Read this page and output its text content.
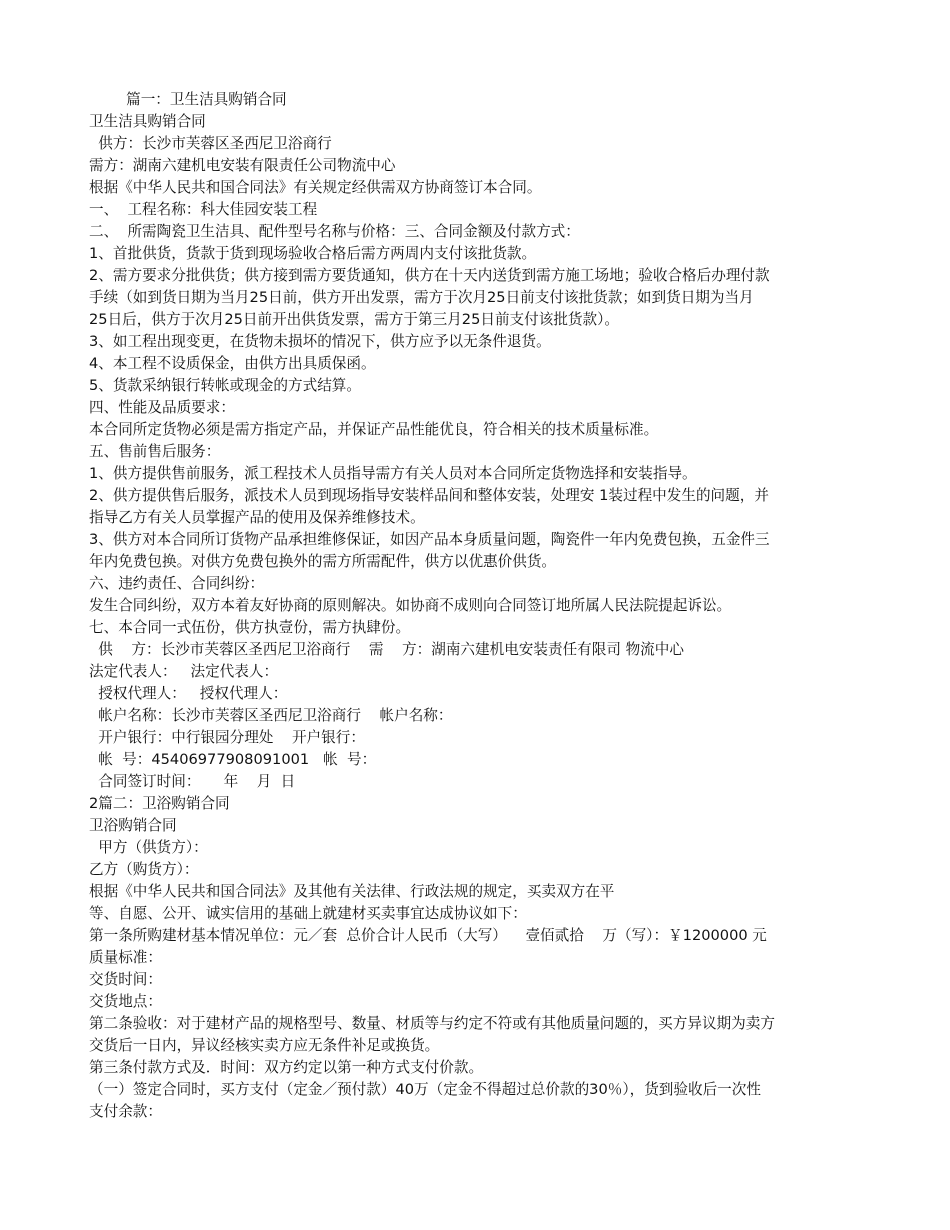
篇一：卫生洁具购销合同
卫生洁具购销合同
供方：长沙市芙蓉区圣西尼卫浴商行
需方：湖南六建机电安装有限责任公司物流中心
根据《中华人民共和国合同法》有关规定经供需双方协商签订本合同。
一、  工程名称：科大佳园安装工程
二、  所需陶瓷卫生洁具、配件型号名称与价格：三、合同金额及付款方式：
1、首批供货，货款于货到现场验收合格后需方两周内支付该批货款。
2、需方要求分批供货；供方接到需方要货通知，供方在十天内送货到需方施工场地；验收合格后办理付款
手续（如到货日期为当月25日前，供方开出发票，需方于次月25日前支付该批货款；如到货日期为当月
25日后，供方于次月25日前开出供货发票，需方于第三月25日前支付该批货款）。
3、如工程出现变更，在货物未损坏的情况下，供方应予以无条件退货。
4、本工程不设质保金，由供方出具质保函。
5、货款采纳银行转帐或现金的方式结算。
四、性能及品质要求：
本合同所定货物必须是需方指定产品，并保证产品性能优良，符合相关的技术质量标准。
五、售前售后服务：
1、供方提供售前服务，派工程技术人员指导需方有关人员对本合同所定货物选择和安装指导。
2、供方提供售后服务，派技术人员到现场指导安装样品间和整体安装，处理安 1装过程中发生的问题，并
指导乙方有关人员掌握产品的使用及保养维修技术。
3、供方对本合同所订货物产品承担维修保证，如因产品本身质量问题，陶瓷件一年内免费包换，五金件三
年内免费包换。对供方免费包换外的需方所需配件，供方以优惠价供货。
六、违约责任、合同纠纷：
发生合同纠纷，双方本着友好协商的原则解决。如协商不成则向合同签订地所属人民法院提起诉讼。
七、本合同一式伍份，供方执壹份，需方执肆份。
供    方：长沙市芙蓉区圣西尼卫浴商行    需    方：湖南六建机电安装责任有限司 物流中心
法定代表人：   法定代表人：
授权代理人：   授权代理人：
帐户名称：长沙市芙蓉区圣西尼卫浴商行    帐户名称：
开户银行：中行银园分理处    开户银行：
帐  号：45406977908091001   帐  号：
合同签订时间：     年    月  日
2篇二：卫浴购销合同
卫浴购销合同
甲方（供货方）：
乙方（购货方）：
根据《中华人民共和国合同法》及其他有关法律、行政法规的规定，买卖双方在平
等、自愿、公开、诚实信用的基础上就建材买卖事宜达成协议如下：
第一条所购建材基本情况单位：元／套  总价合计人民币（大写）    壹佰贰拾    万（写）：￥1200000 元
质量标准：
交货时间：
交货地点：
第二条验收：对于建材产品的规格型号、数量、材质等与约定不符或有其他质量问题的，买方异议期为卖方
交货后一日内，异议经核实卖方应无条件补足或换货。
第三条付款方式及．时间：双方约定以第一种方式支付价款。
（一）签定合同时，买方支付（定金／预付款）40万（定金不得超过总价款的30％），货到验收后一次性
支付余款：
